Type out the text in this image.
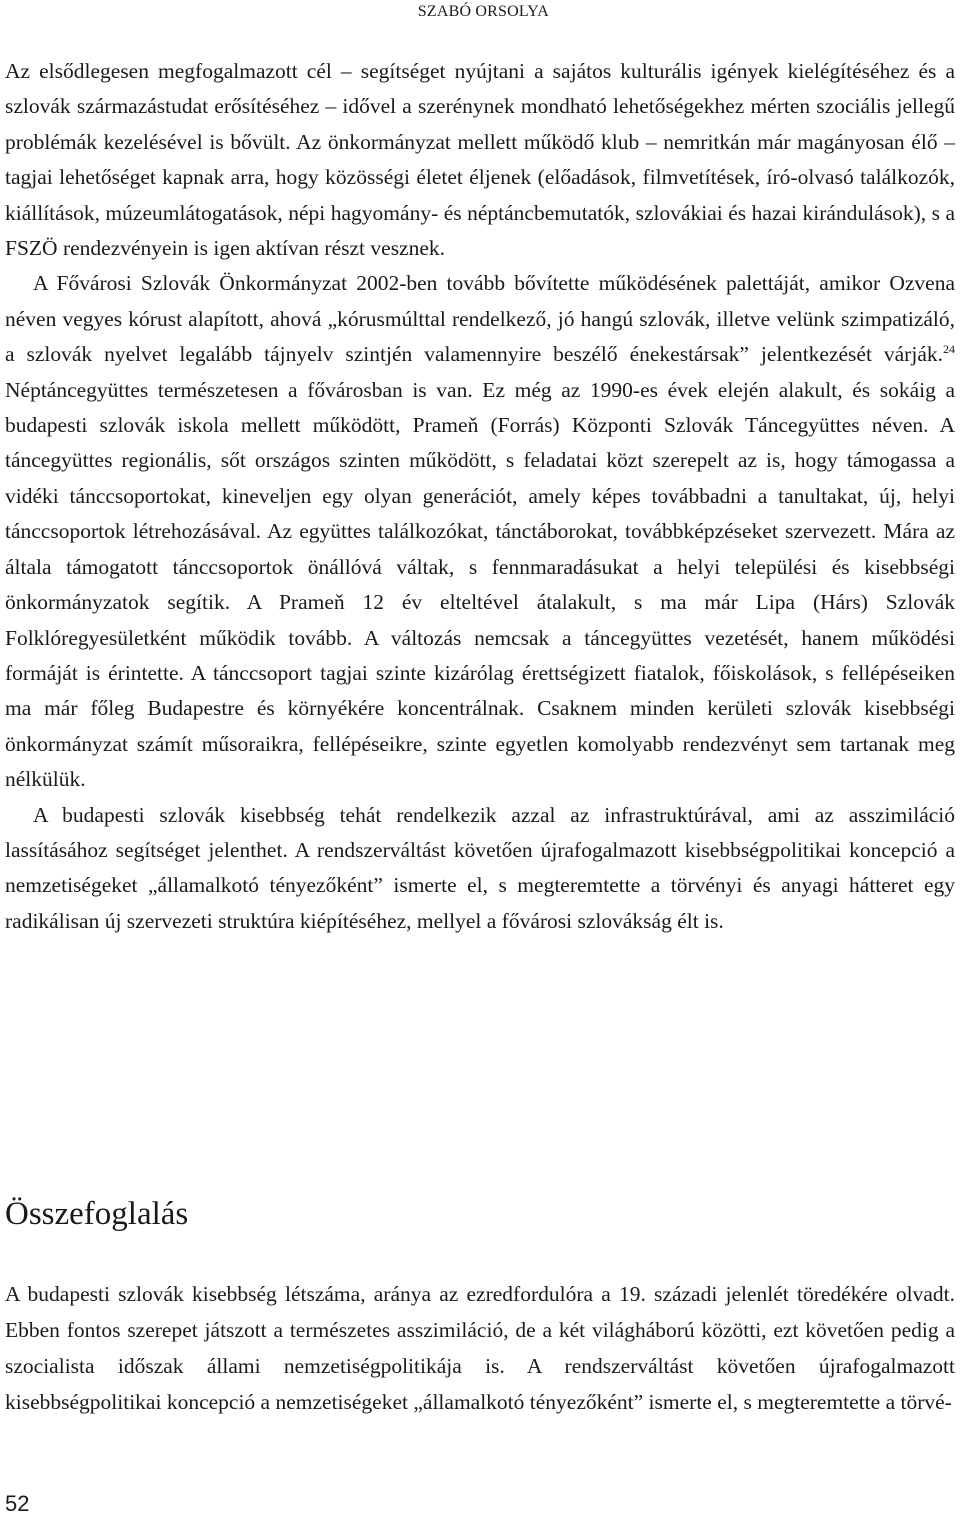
SZABÓ ORSOLYA

Az elsődlegesen megfogalmazott cél – segítséget nyújtani a sajátos kulturális igények kielégítéséhez és a szlovák származástudat erősítéséhez – idővel a szerénynek mondható lehetőségekhez mérten szociális jellegű problémák kezelésével is bővült. Az önkormányzat mellett működő klub – nemritkán már magányosan élő – tagjai lehetőséget kapnak arra, hogy közösségi életet éljenek (előadások, filmvetítések, író-olvasó találkozók, kiállítások, múzeumlátogatások, népi hagyomány- és néptáncbemutatók, szlovákiai és hazai kirándulások), s a FSZÖ rendezvényein is igen aktívan részt vesznek.

A Fővárosi Szlovák Önkormányzat 2002-ben tovább bővítette működésének palettáját, amikor Ozvena néven vegyes kórust alapított, ahová „kórusmúlttal rendelkező, jó hangú szlovák, illetve velünk szimpatizáló, a szlovák nyelvet legalább tájnyelv szintjén valamennyire beszélő énekestársak” jelentkezését várják.$^{24}$ Néptáncegyüttes természetesen a fővárosban is van. Ez még az 1990-es évek elején alakult, és sokáig a budapesti szlovák iskola mellett működött, Prameň (Forrás) Központi Szlovák Táncegyüttes néven. A táncegyüttes regionális, sőt országos szinten működött, s feladatai közt szerepelt az is, hogy támogassa a vidéki tánccsoportokat, kineveljen egy olyan generációt, amely képes továbbadni a tanultakat, új, helyi tánccsoportok létrehozásával. Az együttes találkozókat, tánctáborokat, továbbképzéseket szervezett. Mára az általa támogatott tánccsoportok önállóvá váltak, s fennmaradásukat a helyi települési és kisebbségi önkormányzatok segítik. A Prameň 12 év elteltével átalakult, s ma már Lipa (Hárs) Szlovák Folklóregyesületként működik tovább. A változás nemcsak a táncegyüttes vezetését, hanem működési formáját is érintette. A tánccsoport tagjai szinte kizárólag érettségizett fiatalok, főiskolások, s fellépéseiken ma már főleg Budapestre és környékére koncentrálnak. Csaknem minden kerületi szlovák kisebbségi önkormányzat számít műsoraikra, fellépéseikre, szinte egyetlen komolyabb rendezvényt sem tartanak meg nélkülük.

A budapesti szlovák kisebbség tehát rendelkezik azzal az infrastruktúrával, ami az asszimiláció lassításához segítséget jelenthet. A rendszerváltást követően újrafogalmazott kisebbségpolitikai koncepció a nemzetiségeket „államalkotó tényezőként” ismerte el, s megteremtette a törvényi és anyagi hátteret egy radikálisan új szervezeti struktúra kiépítéséhez, mellyel a fővárosi szlovákság élt is.

Összefoglalás

A budapesti szlovák kisebbség létszáma, aránya az ezredfordulóra a 19. századi jelenlét töredékére olvadt. Ebben fontos szerepet játszott a természetes asszimiláció, de a két világháború közötti, ezt követően pedig a szocialista időszak állami nemzetiségpolitikája is. A rendszerváltást követően újrafogalmazott kisebbségpolitikai koncepció a nemzetiségeket „államalkotó tényezőként” ismerte el, s megteremtette a törvé-

52
